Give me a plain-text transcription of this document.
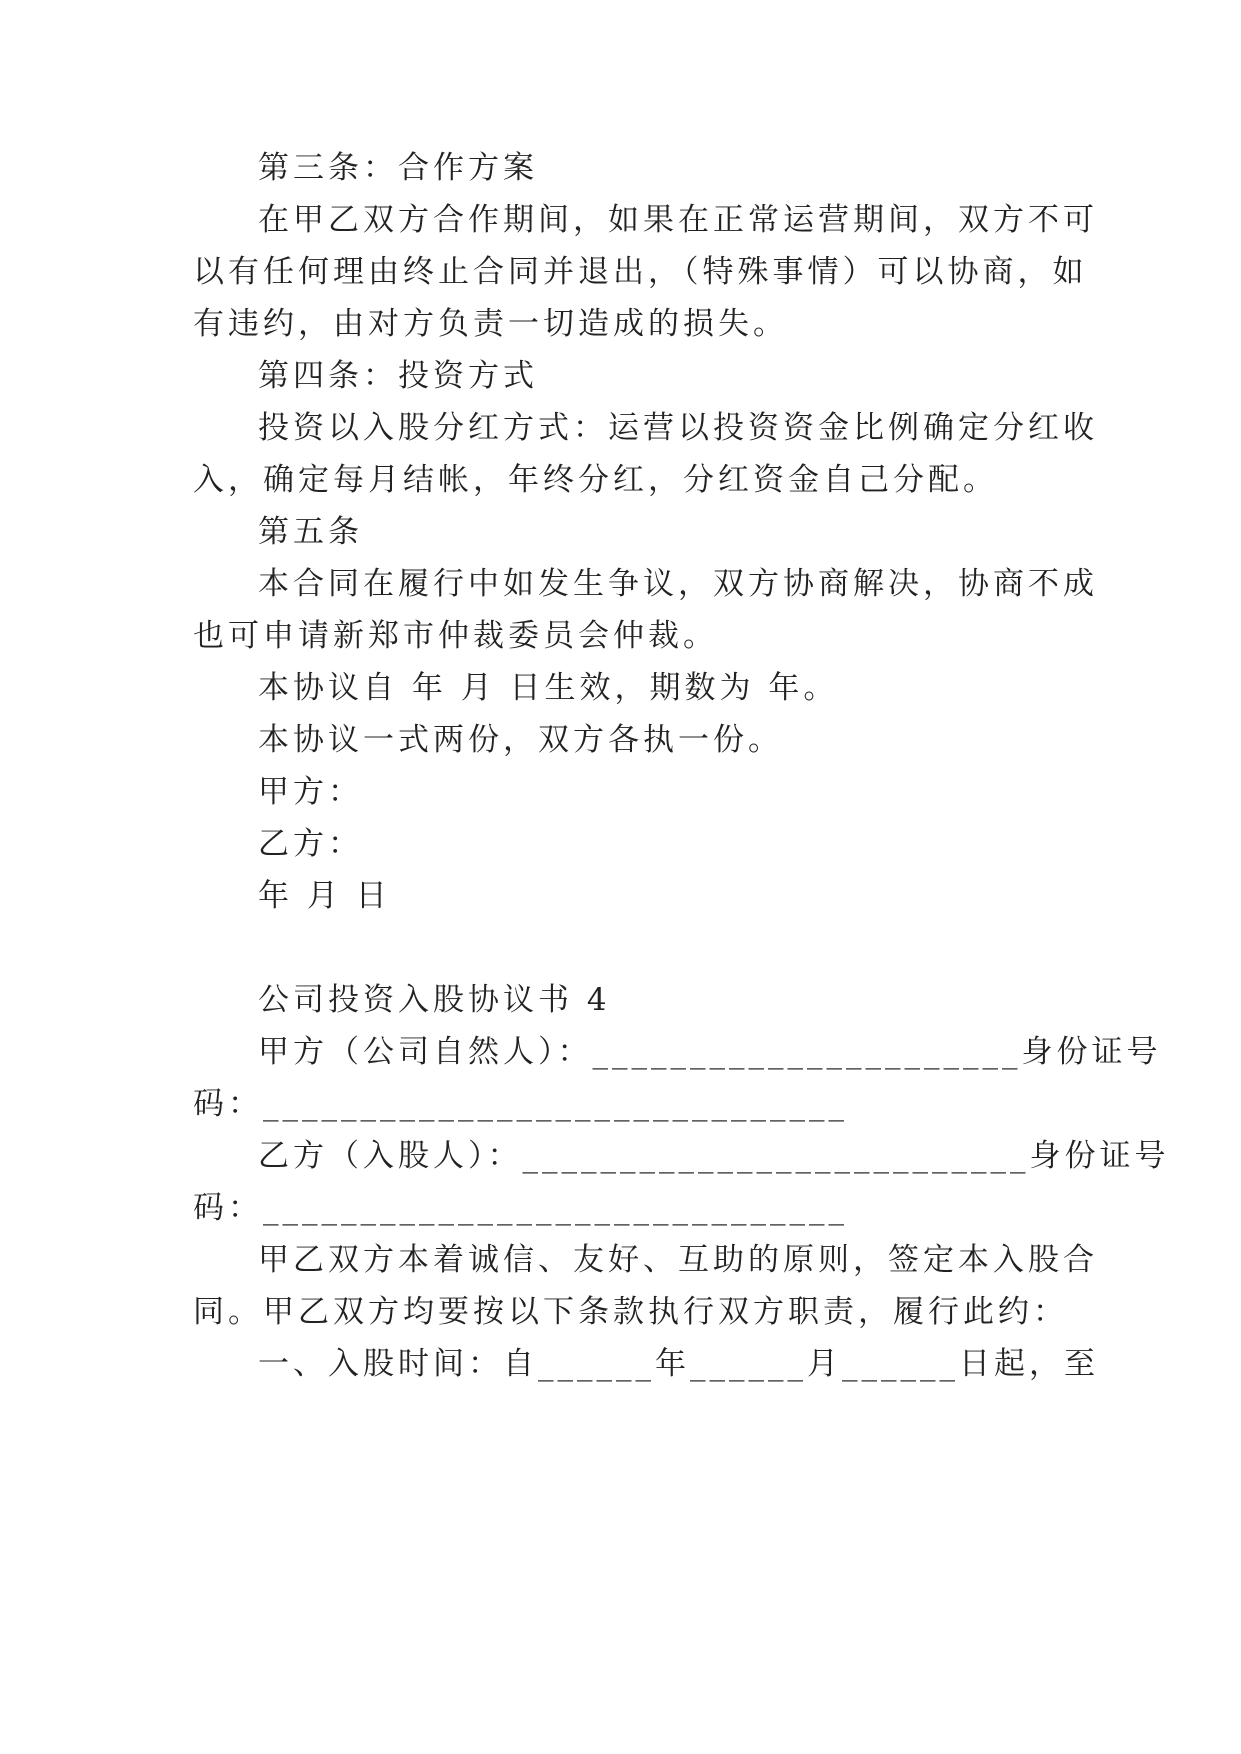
第三条：合作方案
在甲乙双方合作期间，如果在正常运营期间，双方不可
以有任何理由终止合同并退出，（特殊事情）可以协商，如
有违约，由对方负责一切造成的损失。
第四条：投资方式
投资以入股分红方式：运营以投资资金比例确定分红收
入，确定每月结帐，年终分红，分红资金自己分配。
第五条
本合同在履行中如发生争议，双方协商解决，协商不成
也可申请新郑市仲裁委员会仲裁。
本协议自 年 月 日生效，期数为 年。
本协议一式两份，双方各执一份。
甲方：
乙方：
年 月 日
公司投资入股协议书 4
甲方（公司自然人）：______________________身份证号
码：______________________________
乙方（入股人）：__________________________身份证号
码：______________________________
甲乙双方本着诚信、友好、互助的原则，签定本入股合
同。甲乙双方均要按以下条款执行双方职责，履行此约：
一、入股时间：自______年______月______日起，至
